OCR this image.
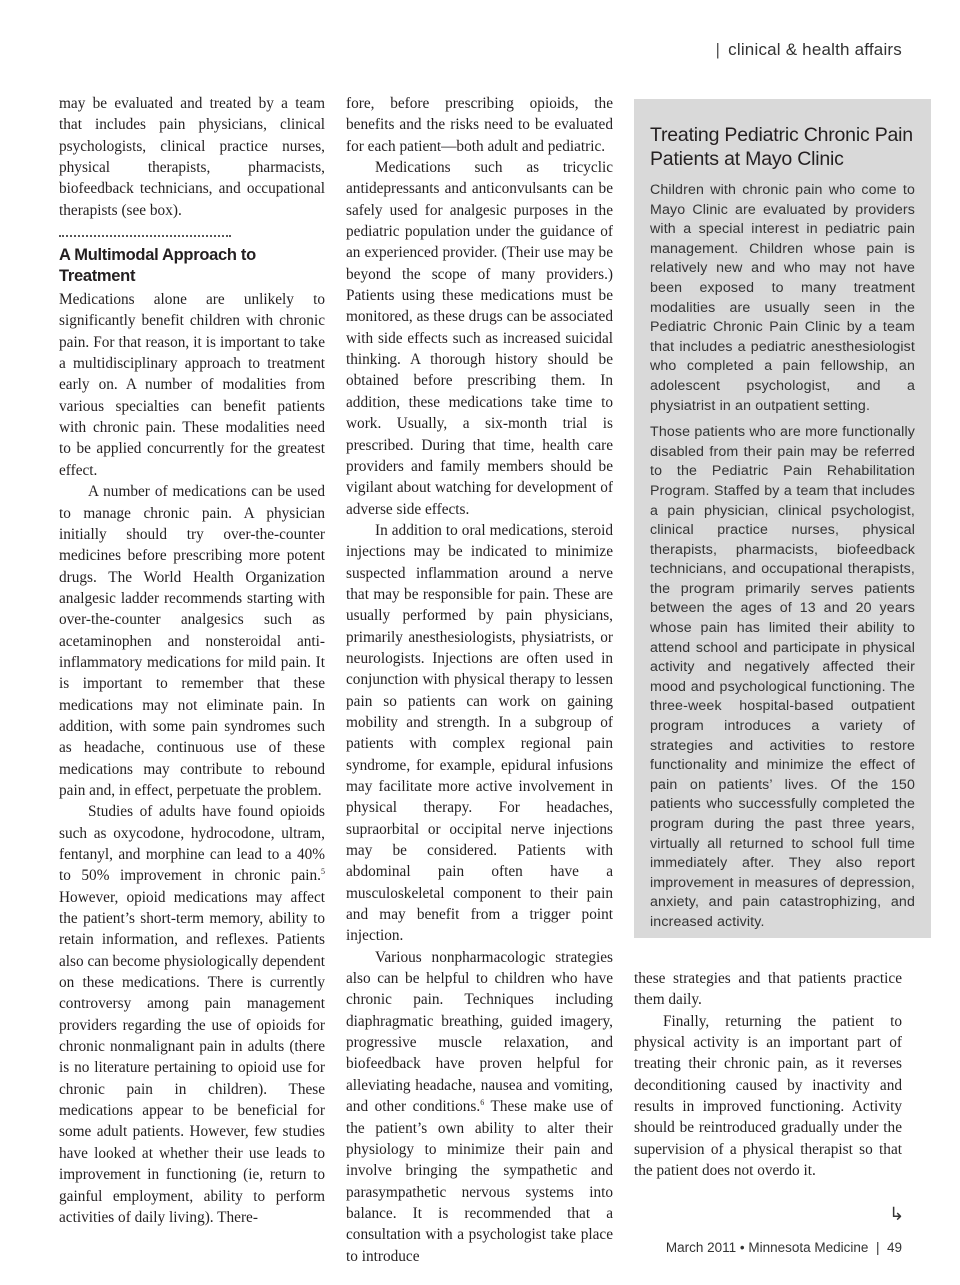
| clinical & health affairs

may be evaluated and treated by a team that includes pain physicians, clinical psychologists, clinical practice nurses, physical therapists, pharmacists, biofeedback technicians, and occupational therapists (see box).

A Multimodal Approach to Treatment

Medications alone are unlikely to significantly benefit children with chronic pain. For that reason, it is important to take a multidisciplinary approach to treatment early on. A number of modalities from various specialties can benefit patients with chronic pain. These modalities need to be applied concurrently for the greatest effect.

A number of medications can be used to manage chronic pain. A physician initially should try over-the-counter medicines before prescribing more potent drugs. The World Health Organization analgesic ladder recommends starting with over-the-counter analgesics such as acetaminophen and nonsteroidal anti-inflammatory medications for mild pain. It is important to remember that these medications may not eliminate pain. In addition, with some pain syndromes such as headache, continuous use of these medications may contribute to rebound pain and, in effect, perpetuate the problem.

Studies of adults have found opioids such as oxycodone, hydrocodone, ultram, fentanyl, and morphine can lead to a 40% to 50% improvement in chronic pain.$^5$ However, opioid medications may affect the patient’s short-term memory, ability to retain information, and reflexes. Patients also can become physiologically dependent on these medications. There is currently controversy among pain management providers regarding the use of opioids for chronic nonmalignant pain in adults (there is no literature pertaining to opioid use for chronic pain in children). These medications appear to be beneficial for some adult patients. However, few studies have looked at whether their use leads to improvement in functioning (ie, return to gainful employment, ability to perform activities of daily living). There-

fore, before prescribing opioids, the benefits and the risks need to be evaluated for each patient—both adult and pediatric.

Medications such as tricyclic antidepressants and anticonvulsants can be safely used for analgesic purposes in the pediatric population under the guidance of an experienced provider. (Their use may be beyond the scope of many providers.) Patients using these medications must be monitored, as these drugs can be associated with side effects such as increased suicidal thinking. A thorough history should be obtained before prescribing them. In addition, these medications take time to work. Usually, a six-month trial is prescribed. During that time, health care providers and family members should be vigilant about watching for development of adverse side effects.

In addition to oral medications, steroid injections may be indicated to minimize suspected inflammation around a nerve that may be responsible for pain. These are usually performed by pain physicians, primarily anesthesiologists, physiatrists, or neurologists. Injections are often used in conjunction with physical therapy to lessen pain so patients can work on gaining mobility and strength. In a subgroup of patients with complex regional pain syndrome, for example, epidural infusions may facilitate more active involvement in physical therapy. For headaches, supraorbital or occipital nerve injections may be considered. Patients with abdominal pain often have a musculoskeletal component to their pain and may benefit from a trigger point injection.

Various nonpharmacologic strategies also can be helpful to children who have chronic pain. Techniques including diaphragmatic breathing, guided imagery, progressive muscle relaxation, and biofeedback have proven helpful for alleviating headache, nausea and vomiting, and other conditions.$^6$ These make use of the patient’s own ability to alter their physiology to minimize their pain and involve bringing the sympathetic and parasympathetic nervous systems into balance. It is recommended that a consultation with a psychologist take place to introduce

Treating Pediatric Chronic Pain Patients at Mayo Clinic

Children with chronic pain who come to Mayo Clinic are evaluated by providers with a special interest in pediatric pain management. Children whose pain is relatively new and who may not have been exposed to many treatment modalities are usually seen in the Pediatric Chronic Pain Clinic by a team that includes a pediatric anesthesiologist who completed a pain fellowship, an adolescent psychologist, and a physiatrist in an outpatient setting.

Those patients who are more functionally disabled from their pain may be referred to the Pediatric Pain Rehabilitation Program. Staffed by a team that includes a pain physician, clinical psychologist, clinical practice nurses, physical therapists, pharmacists, biofeedback technicians, and occupational therapists, the program primarily serves patients between the ages of 13 and 20 years whose pain has limited their ability to attend school and participate in physical activity and negatively affected their mood and psychological functioning. The three-week hospital-based outpatient program introduces a variety of strategies and activities to restore functionality and minimize the effect of pain on patients’ lives. Of the 150 patients who successfully completed the program during the past three years, virtually all returned to school full time immediately after. They also report improvement in measures of depression, anxiety, and pain catastrophizing, and increased activity.

these strategies and that patients practice them daily.

Finally, returning the patient to physical activity is an important part of treating their chronic pain, as it reverses deconditioning caused by inactivity and results in improved functioning. Activity should be reintroduced gradually under the supervision of a physical therapist so that the patient does not overdo it.

↳
March 2011 • Minnesota Medicine  |  49
